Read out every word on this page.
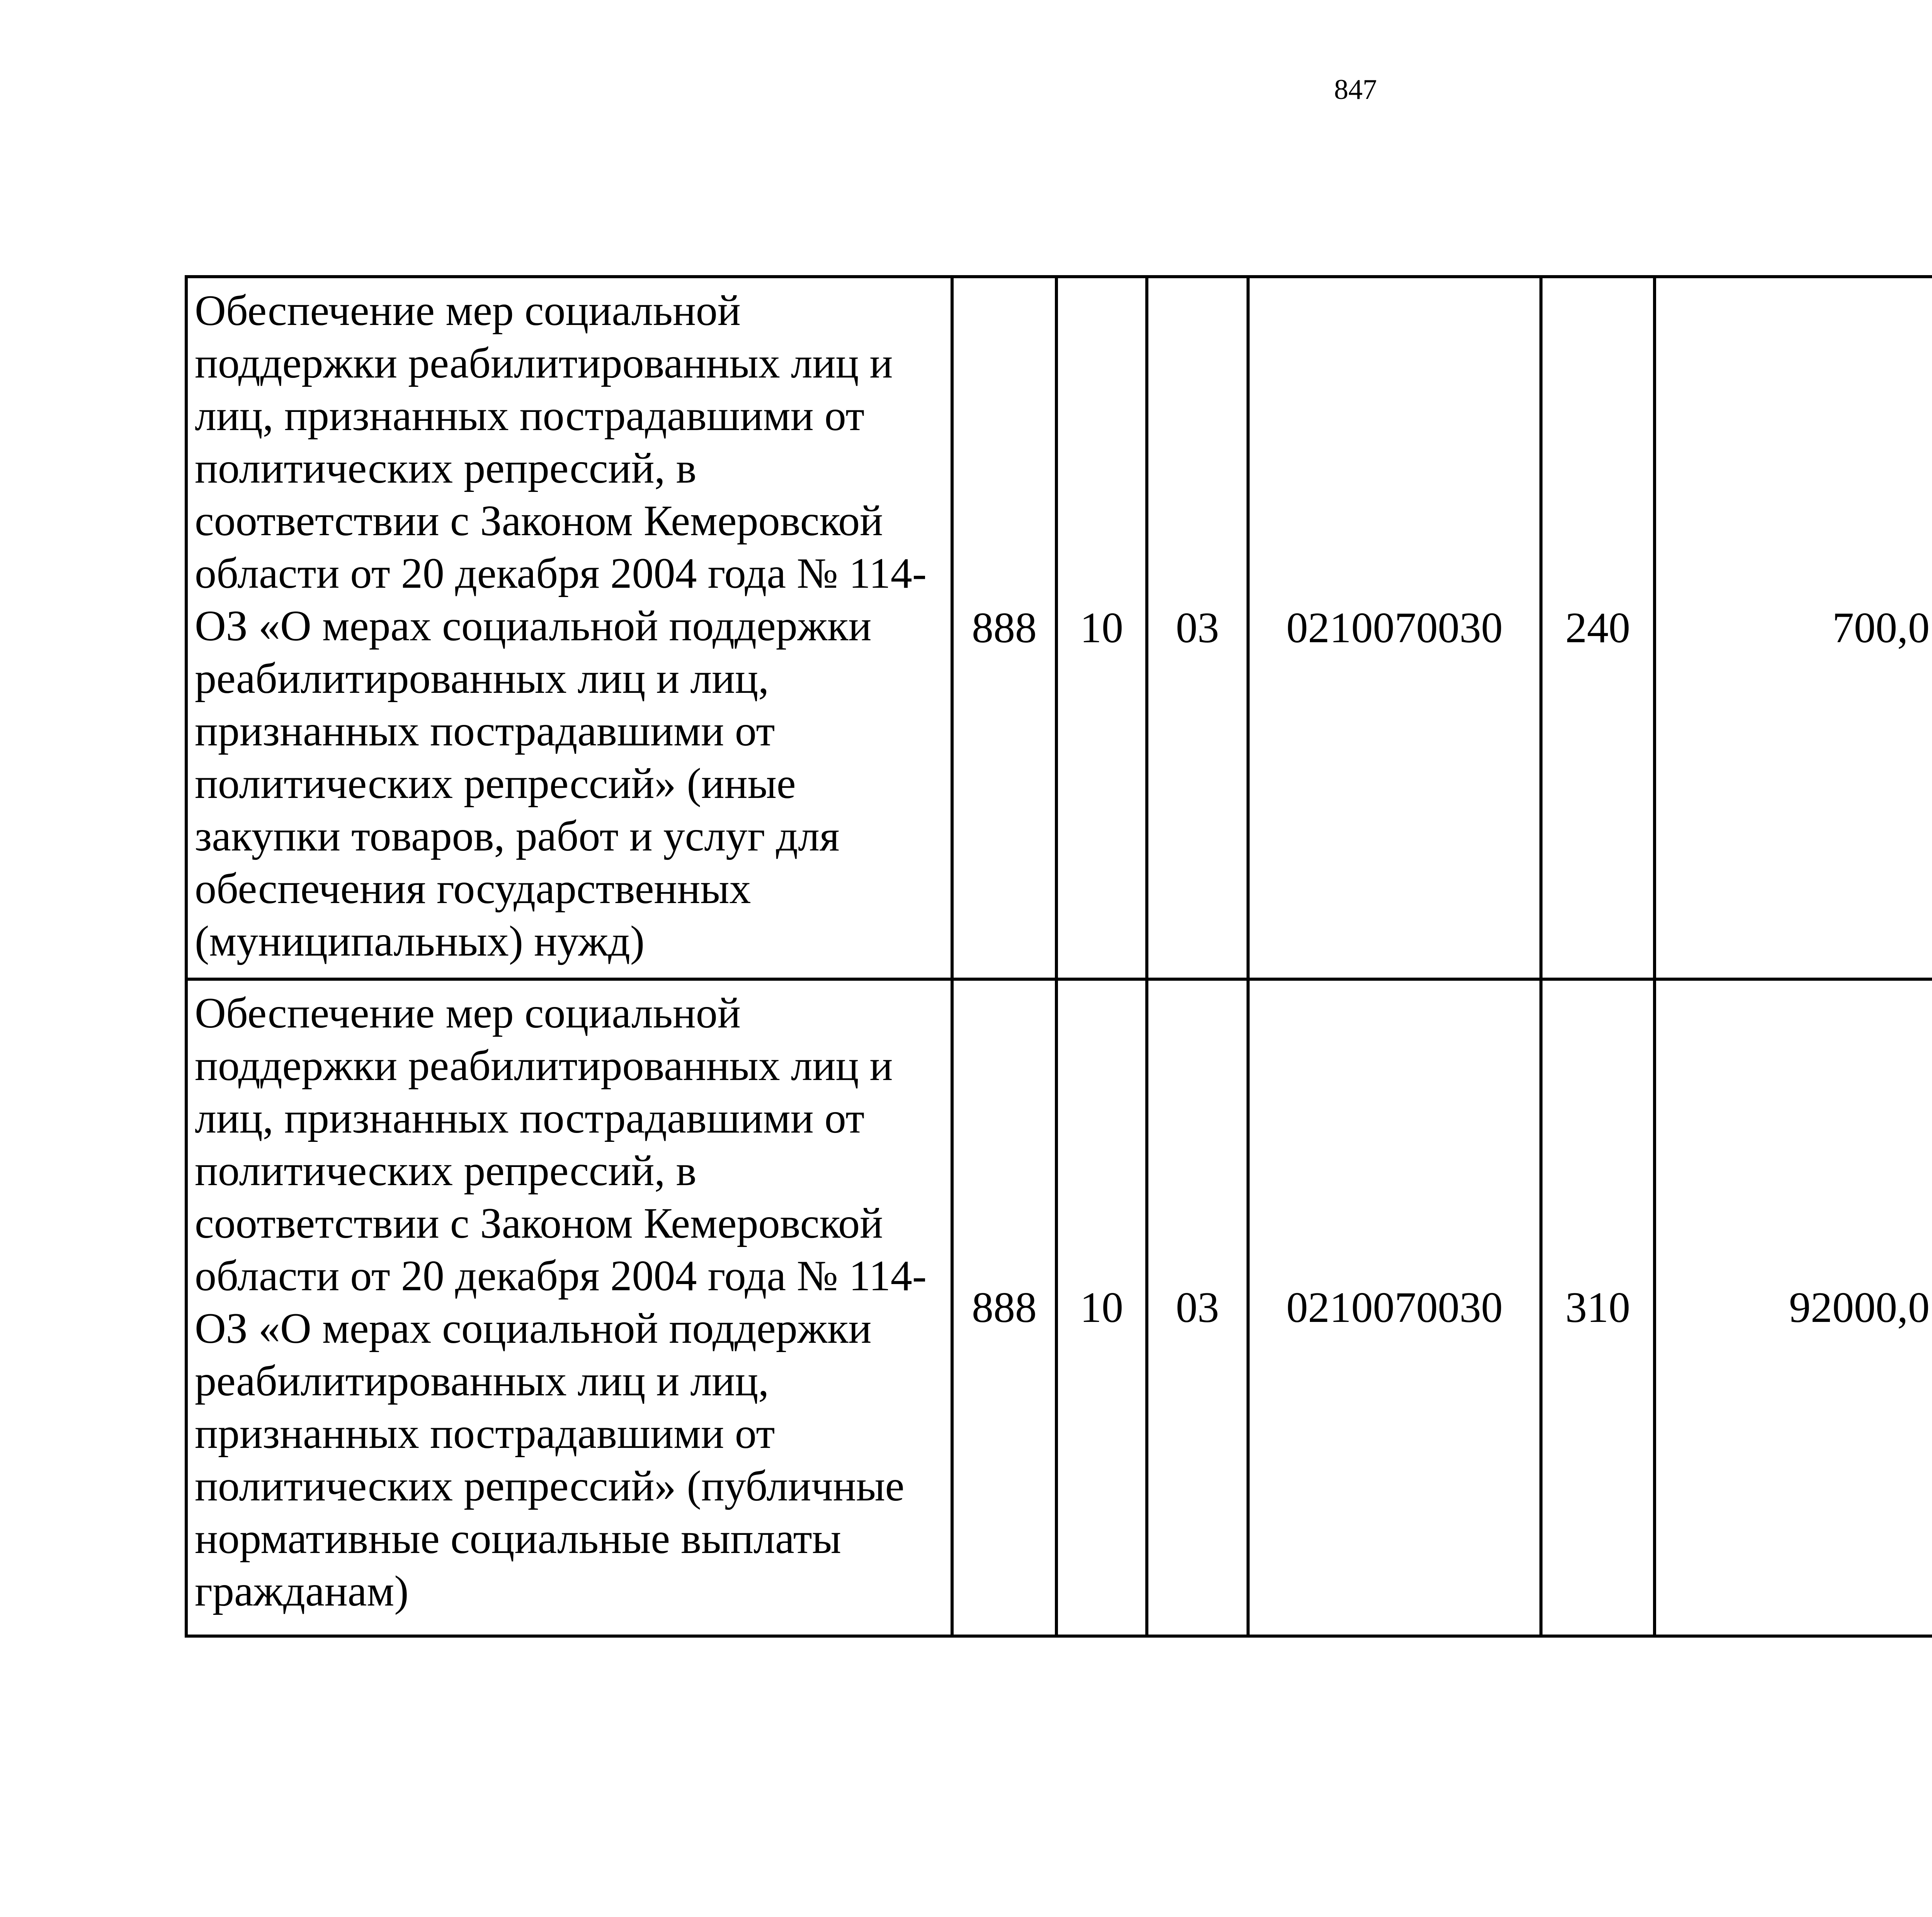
847
Обеспечение мер социальной поддержки реабилитированных лиц и лиц, признанных пострадавшими от политических репрессий, в соответствии с Законом Кемеровской области от 20 декабря 2004 года № 114-ОЗ «О мерах социальной поддержки реабилитированных лиц и лиц, признанных пострадавшими от политических репрессий» (иные закупки товаров, работ и услуг для обеспечения государственных (муниципальных) нужд)	888	10	03	0210070030	240	700,0		
Обеспечение мер социальной поддержки реабилитированных лиц и лиц, признанных пострадавшими от политических репрессий, в соответствии с Законом Кемеровской области от 20 декабря 2004 года № 114-ОЗ «О мерах социальной поддержки реабилитированных лиц и лиц, признанных пострадавшими от политических репрессий» (публичные нормативные социальные выплаты гражданам)	888	10	03	0210070030	310	92000,0		
